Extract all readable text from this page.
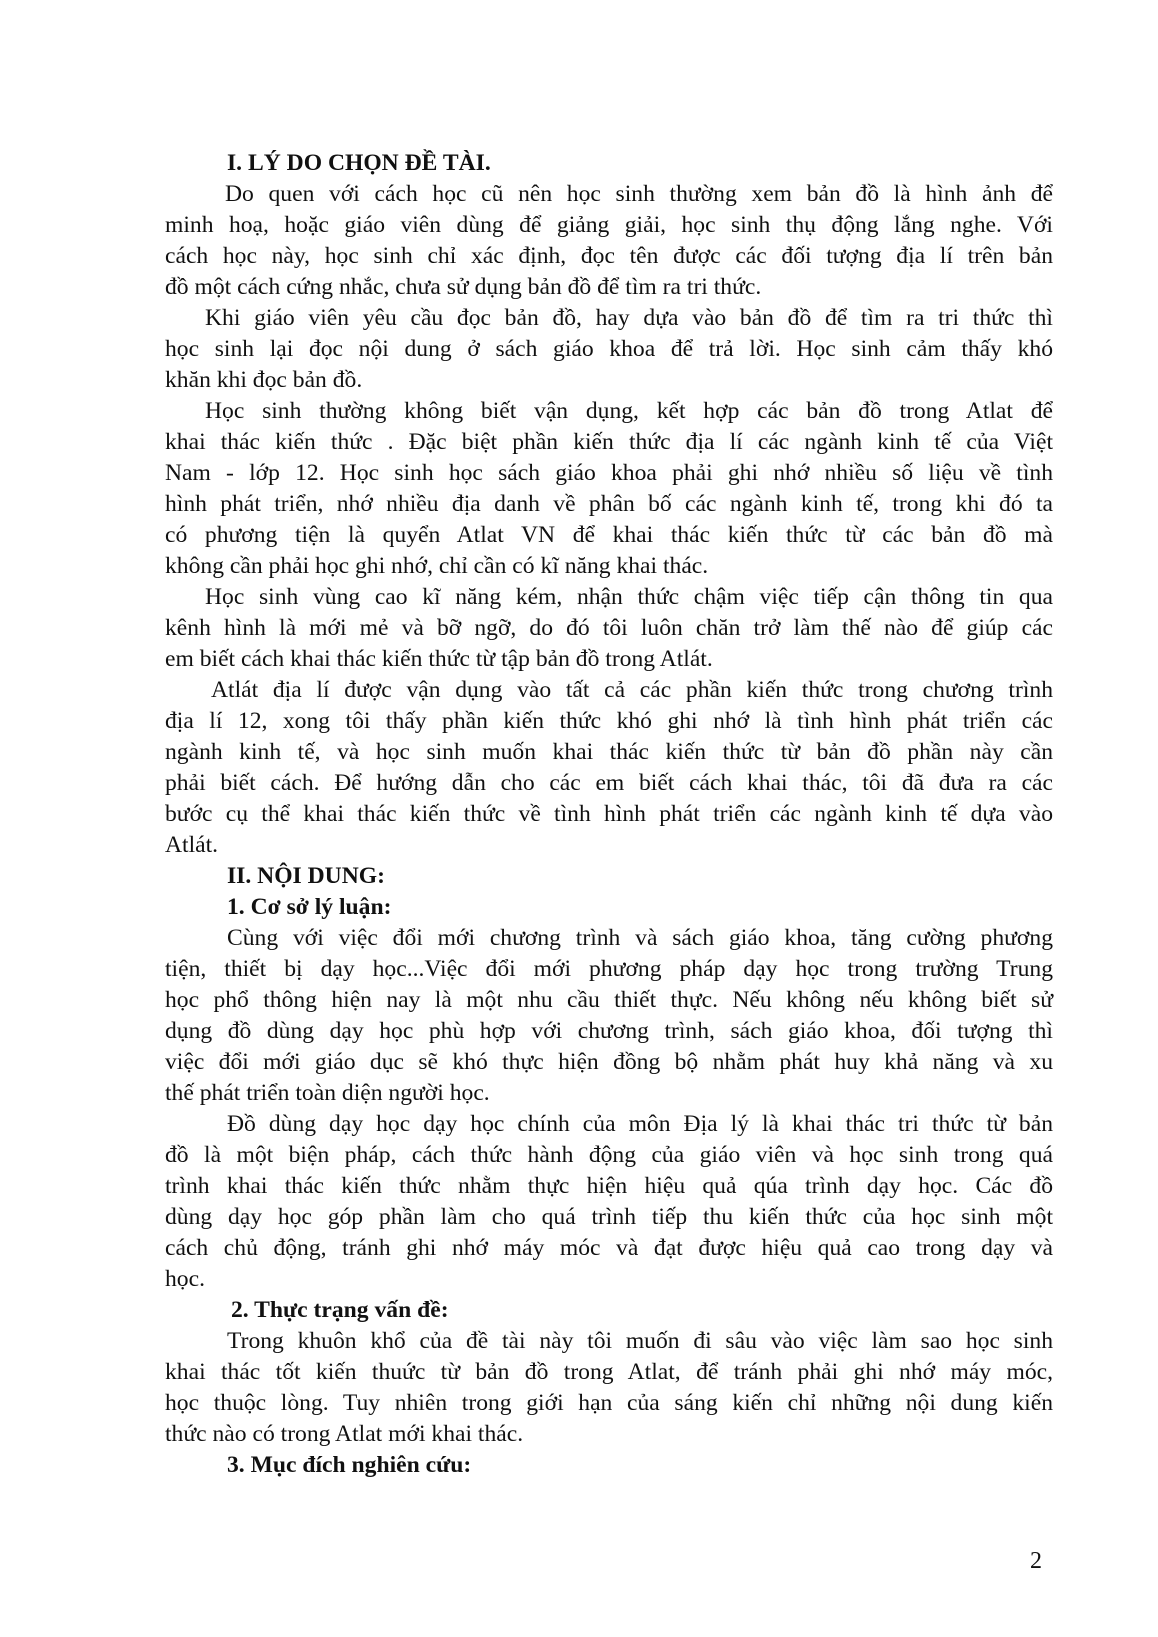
I. LÝ DO CHỌN ĐỀ TÀI.

Do quen với cách học cũ nên học sinh thường xem bản đồ là hình ảnh để
minh hoạ, hoặc giáo viên dùng để giảng giải, học sinh thụ động lắng nghe. Với
cách học này, học sinh chỉ xác định, đọc tên được các đối tượng địa lí trên bản
đồ một cách cứng nhắc, chưa sử dụng bản đồ để tìm ra tri thức.

Khi giáo viên yêu cầu đọc bản đồ, hay dựa vào bản đồ để tìm ra tri thức thì
học sinh lại đọc nội dung ở sách giáo khoa để trả lời. Học sinh cảm thấy khó
khăn khi đọc bản đồ.

Học sinh thường không biết vận dụng, kết hợp các bản đồ trong Atlat để
khai thác kiến thức . Đặc biệt phần kiến thức địa lí các ngành kinh tế của Việt
Nam - lớp 12. Học sinh học sách giáo khoa phải ghi nhớ nhiều số liệu về tình
hình phát triển, nhớ nhiều địa danh về phân bố các ngành kinh tế, trong khi đó ta
có phương tiện là quyển Atlat VN để khai thác kiến thức từ các bản đồ mà
không cần phải học ghi nhớ, chỉ cần có kĩ năng khai thác.

Học sinh vùng cao kĩ năng kém, nhận thức chậm việc tiếp cận thông tin qua
kênh hình là mới mẻ và bỡ ngỡ, do đó tôi luôn chăn trở làm thế nào để giúp các
em biết cách khai thác kiến thức từ tập bản đồ trong Atlát.

Atlát địa lí được vận dụng vào tất cả các phần kiến thức trong chương trình
địa lí 12, xong tôi thấy phần kiến thức khó ghi nhớ là tình hình phát triển các
ngành kinh tế, và học sinh muốn khai thác kiến thức từ bản đồ phần này cần
phải biết cách. Để hướng dẫn cho các em biết cách khai thác, tôi đã đưa ra các
bước cụ thể khai thác kiến thức về tình hình phát triển các ngành kinh tế dựa vào
Atlát.

II. NỘI DUNG:

1. Cơ sở lý luận:

Cùng với việc đổi mới chương trình và sách giáo khoa, tăng cường phương
tiện, thiết bị dạy học...Việc đổi mới phương pháp dạy học trong trường Trung
học phổ thông hiện nay là một nhu cầu thiết thực. Nếu không nếu không biết sử
dụng đồ dùng dạy học phù hợp với chương trình, sách giáo khoa, đối tượng thì
việc đổi mới giáo dục sẽ khó thực hiện đồng bộ nhằm phát huy khả năng và xu
thế phát triển toàn diện người học.

Đồ dùng dạy học dạy học chính của môn Địa lý là khai thác tri thức từ bản
đồ là một biện pháp, cách thức hành động của giáo viên và học sinh trong quá
trình khai thác kiến thức nhằm thực hiện hiệu quả qúa trình dạy học. Các đồ
dùng dạy học góp phần làm cho quá trình tiếp thu kiến thức của học sinh một
cách chủ động, tránh ghi nhớ máy móc và đạt được hiệu quả cao trong dạy và
học.

2. Thực trạng vấn đề:

Trong khuôn khổ của đề tài này tôi muốn đi sâu vào việc làm sao học sinh
khai thác tốt kiến thuức từ bản đồ trong Atlat, để tránh phải ghi nhớ máy móc,
học thuộc lòng. Tuy nhiên trong giới hạn của sáng kiến chỉ những nội dung kiến
thức nào có trong Atlat mới khai thác.

3. Mục đích nghiên cứu:

2
